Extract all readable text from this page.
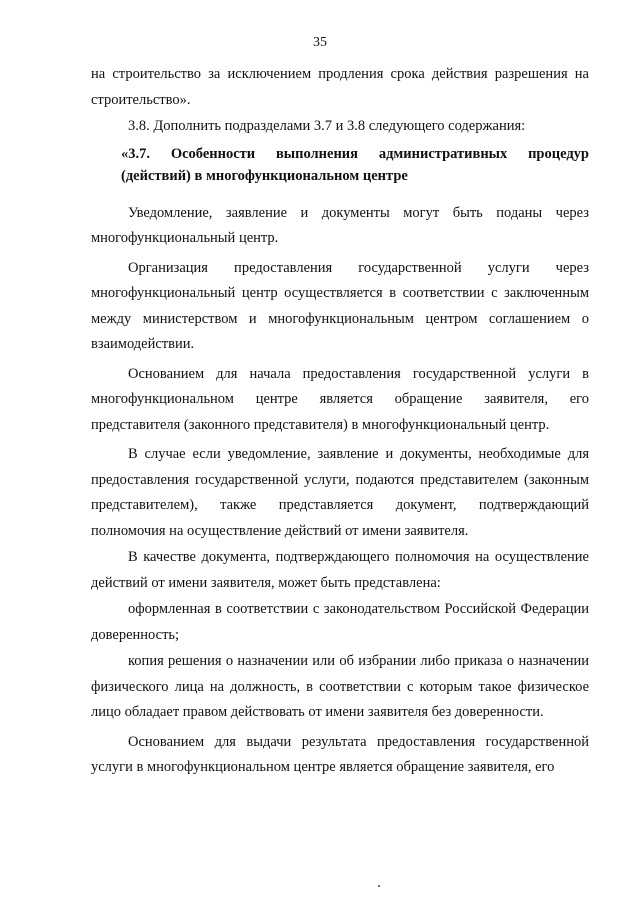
35

на строительство за исключением продления срока действия разрешения на строительство».

3.8. Дополнить подразделами 3.7 и 3.8 следующего содержания:

«3.7. Особенности выполнения административных процедур (действий) в многофункциональном центре

Уведомление, заявление и документы могут быть поданы через многофункциональный центр.

Организация предоставления государственной услуги через многофункциональный центр осуществляется в соответствии с заключенным между министерством и многофункциональным центром соглашением о взаимодействии.

Основанием для начала предоставления государственной услуги в многофункциональном центре является обращение заявителя, его представителя (законного представителя) в многофункциональный центр.

В случае если уведомление, заявление и документы, необходимые для предоставления государственной услуги, подаются представителем (законным представителем), также представляется документ, подтверждающий полномочия на осуществление действий от имени заявителя.

В качестве документа, подтверждающего полномочия на осуществление действий от имени заявителя, может быть представлена:

оформленная в соответствии с законодательством Российской Федерации доверенность;

копия решения о назначении или об избрании либо приказа о назначении физического лица на должность, в соответствии с которым такое физическое лицо обладает правом действовать от имени заявителя без доверенности.

Основанием для выдачи результата предоставления государственной услуги в многофункциональном центре является обращение заявителя, его
